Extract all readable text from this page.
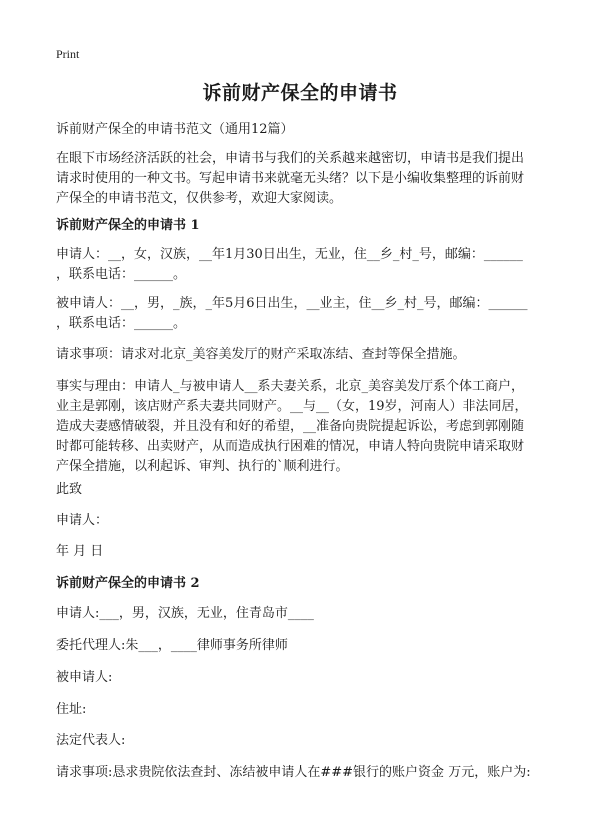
Print
诉前财产保全的申请书

诉前财产保全的申请书范文（通用12篇）

在眼下市场经济活跃的社会，申请书与我们的关系越来越密切，申请书是我们提出

请求时使用的一种文书。写起申请书来就毫无头绪？以下是小编收集整理的诉前财

产保全的申请书范文，仅供参考，欢迎大家阅读。

诉前财产保全的申请书 1

申请人：__，女，汉族，__年1月30日出生，无业，住__乡_村_号，邮编：______

，联系电话：______。

被申请人：__，男，_族，_年5月6日出生，__业主，住__乡_村_号，邮编：______

，联系电话：______。

请求事项：请求对北京_美容美发厅的财产采取冻结、查封等保全措施。

事实与理由：申请人_与被申请人__系夫妻关系，北京_美容美发厅系个体工商户，

业主是郭刚，该店财产系夫妻共同财产。__与__（女，19岁，河南人）非法同居，

造成夫妻感情破裂，并且没有和好的希望，__准备向贵院提起诉讼，考虑到郭刚随

时都可能转移、出卖财产，从而造成执行困难的情况，申请人特向贵院申请采取财

产保全措施，以利起诉、审判、执行的`顺利进行。

此致

申请人：

年 月 日

诉前财产保全的申请书 2

申请人:___，男，汉族，无业，住青岛市____

委托代理人:朱___，____律师事务所律师

被申请人:

住址:

法定代表人:

请求事项:恳求贵院依法查封、冻结被申请人在###银行的账户资金 万元，账户为:
